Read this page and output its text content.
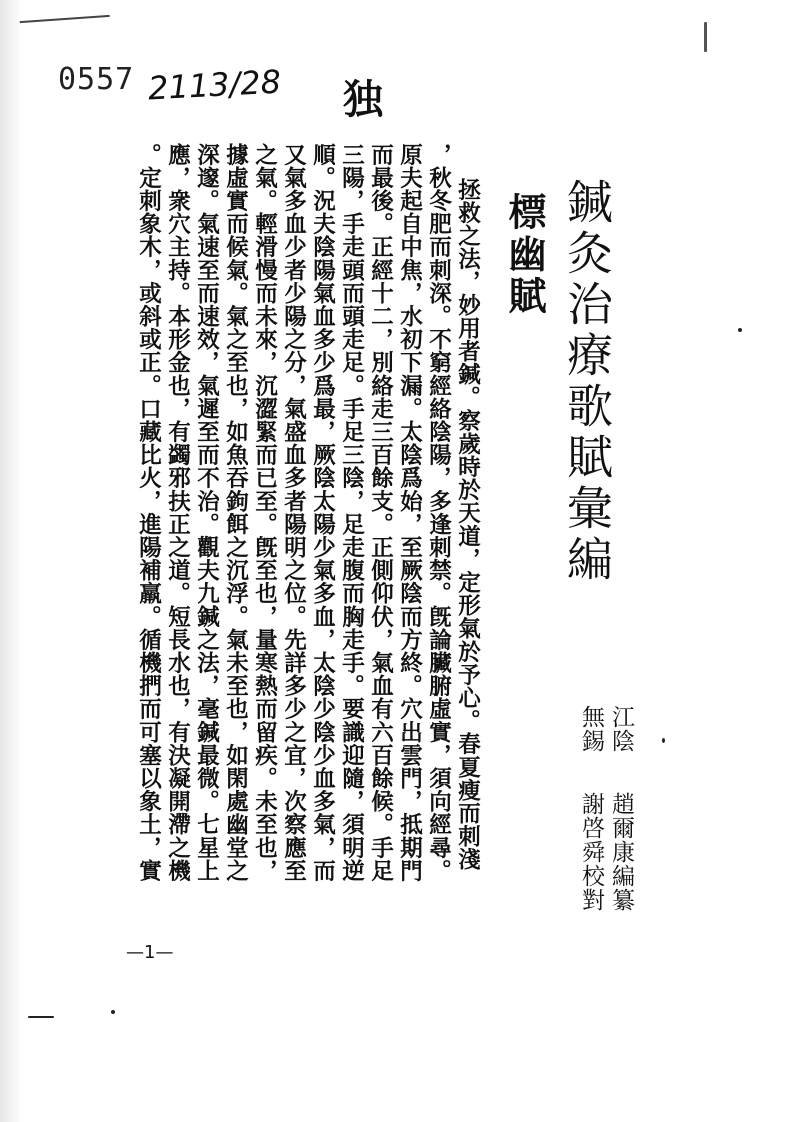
0557 2113/28 独
鍼灸治療歌賦彙編
標幽賦
江陰
趙爾康編纂
無錫
謝啓舜校對
拯救之法，妙用者鍼。察歲時於天道，定形氣於予心。春夏瘦而刺淺
，秋冬肥而刺深。不窮經絡陰陽，多逢刺禁。旣論臟腑虛實，須向經尋。
原夫起自中焦，水初下漏。太陰爲始，至厥陰而方終。穴出雲門，抵期門
而最後。正經十二，別絡走三百餘支。正側仰伏，氣血有六百餘候。手足
三陽，手走頭而頭走足。手足三陰，足走腹而胸走手。要識迎隨，須明逆
順。況夫陰陽氣血多少爲最，厥陰太陽少氣多血，太陰少陰少血多氣，而
又氣多血少者少陽之分，氣盛血多者陽明之位。先詳多少之宜，次察應至
之氣。輕滑慢而未來，沉澀緊而已至。旣至也，量寒熱而留疾。未至也，
據虛實而候氣。氣之至也，如魚吞鉤餌之沉浮。氣未至也，如閑處幽堂之
深邃。氣速至而速效，氣遲至而不治。觀夫九鍼之法，毫鍼最微。七星上
應，衆穴主持。本形金也，有蠲邪扶正之道。短長水也，有決凝開滯之機
。定刺象木，或斜或正。口藏比火，進陽補羸。循機捫而可塞以象土，實
—1—
